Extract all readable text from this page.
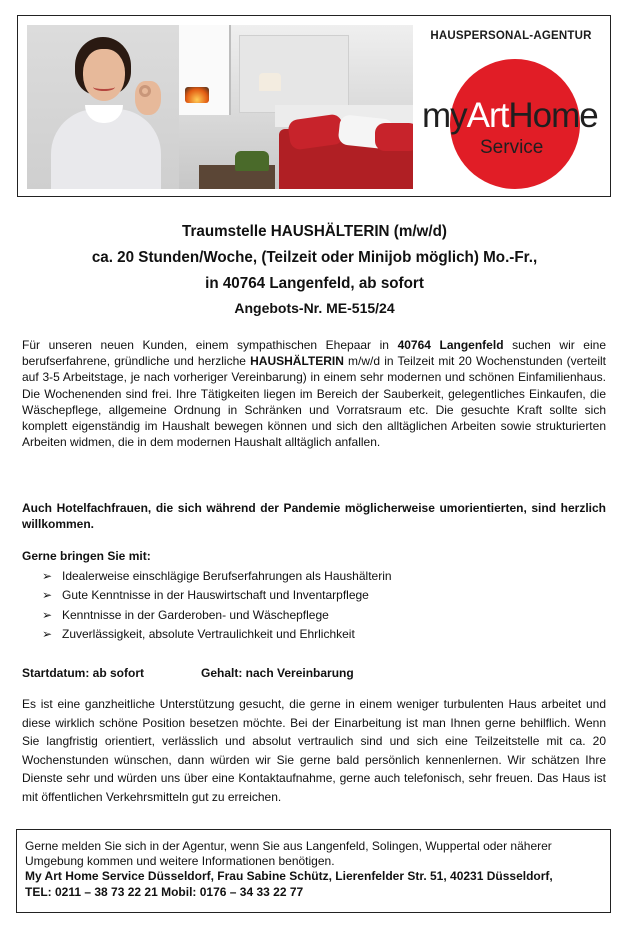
HAUSPERSONAL-AGENTUR
myArtHome
Service
Traumstelle HAUSHÄLTERIN (m/w/d)
ca. 20 Stunden/Woche, (Teilzeit oder Minijob möglich) Mo.-Fr.,
in 40764 Langenfeld, ab sofort
Angebots-Nr. ME-515/24

Für unseren neuen Kunden, einem sympathischen Ehepaar in 40764 Langenfeld suchen wir eine berufserfahrene, gründliche und herzliche HAUSHÄLTERIN m/w/d in Teilzeit mit 20 Wochenstunden (verteilt auf 3-5 Arbeitstage, je nach vorheriger Vereinbarung) in einem sehr modernen und schönen Einfamilienhaus. Die Wochenenden sind frei. Ihre Tätigkeiten liegen im Bereich der Sauberkeit, gelegentliches Einkaufen, die Wäschepflege, allgemeine Ordnung in Schränken und Vorratsraum etc. Die gesuchte Kraft sollte sich komplett eigenständig im Haushalt bewegen können und sich den alltäglichen Arbeiten sowie strukturierten Arbeiten widmen, die in dem modernen Haushalt alltäglich anfallen.

Auch Hotelfachfrauen, die sich während der Pandemie möglicherweise umorientierten, sind herzlich willkommen.

Gerne bringen Sie mit:
➢ Idealerweise einschlägige Berufserfahrungen als Haushälterin
➢ Gute Kenntnisse in der Hauswirtschaft und Inventarpflege
➢ Kenntnisse in der Garderoben- und Wäschepflege
➢ Zuverlässigkeit, absolute Vertraulichkeit und Ehrlichkeit
Startdatum: ab sofort	Gehalt: nach Vereinbarung

Es ist eine ganzheitliche Unterstützung gesucht, die gerne in einem weniger turbulenten Haus arbeitet und diese wirklich schöne Position besetzen möchte. Bei der Einarbeitung ist man Ihnen gerne behilflich. Wenn Sie langfristig orientiert, verlässlich und absolut vertraulich sind und sich eine Teilzeitstelle mit ca. 20 Wochenstunden wünschen, dann würden wir Sie gerne bald persönlich kennenlernen. Wir schätzen Ihre Dienste sehr und würden uns über eine Kontaktaufnahme, gerne auch telefonisch, sehr freuen. Das Haus ist mit öffentlichen Verkehrsmitteln gut zu erreichen.

Gerne melden Sie sich in der Agentur, wenn Sie aus Langenfeld, Solingen, Wuppertal oder näherer Umgebung kommen und weitere Informationen benötigen.
My Art Home Service Düsseldorf, Frau Sabine Schütz, Lierenfelder Str. 51, 40231 Düsseldorf,
TEL: 0211 – 38 73 22 21 Mobil: 0176 – 34 33 22 77
